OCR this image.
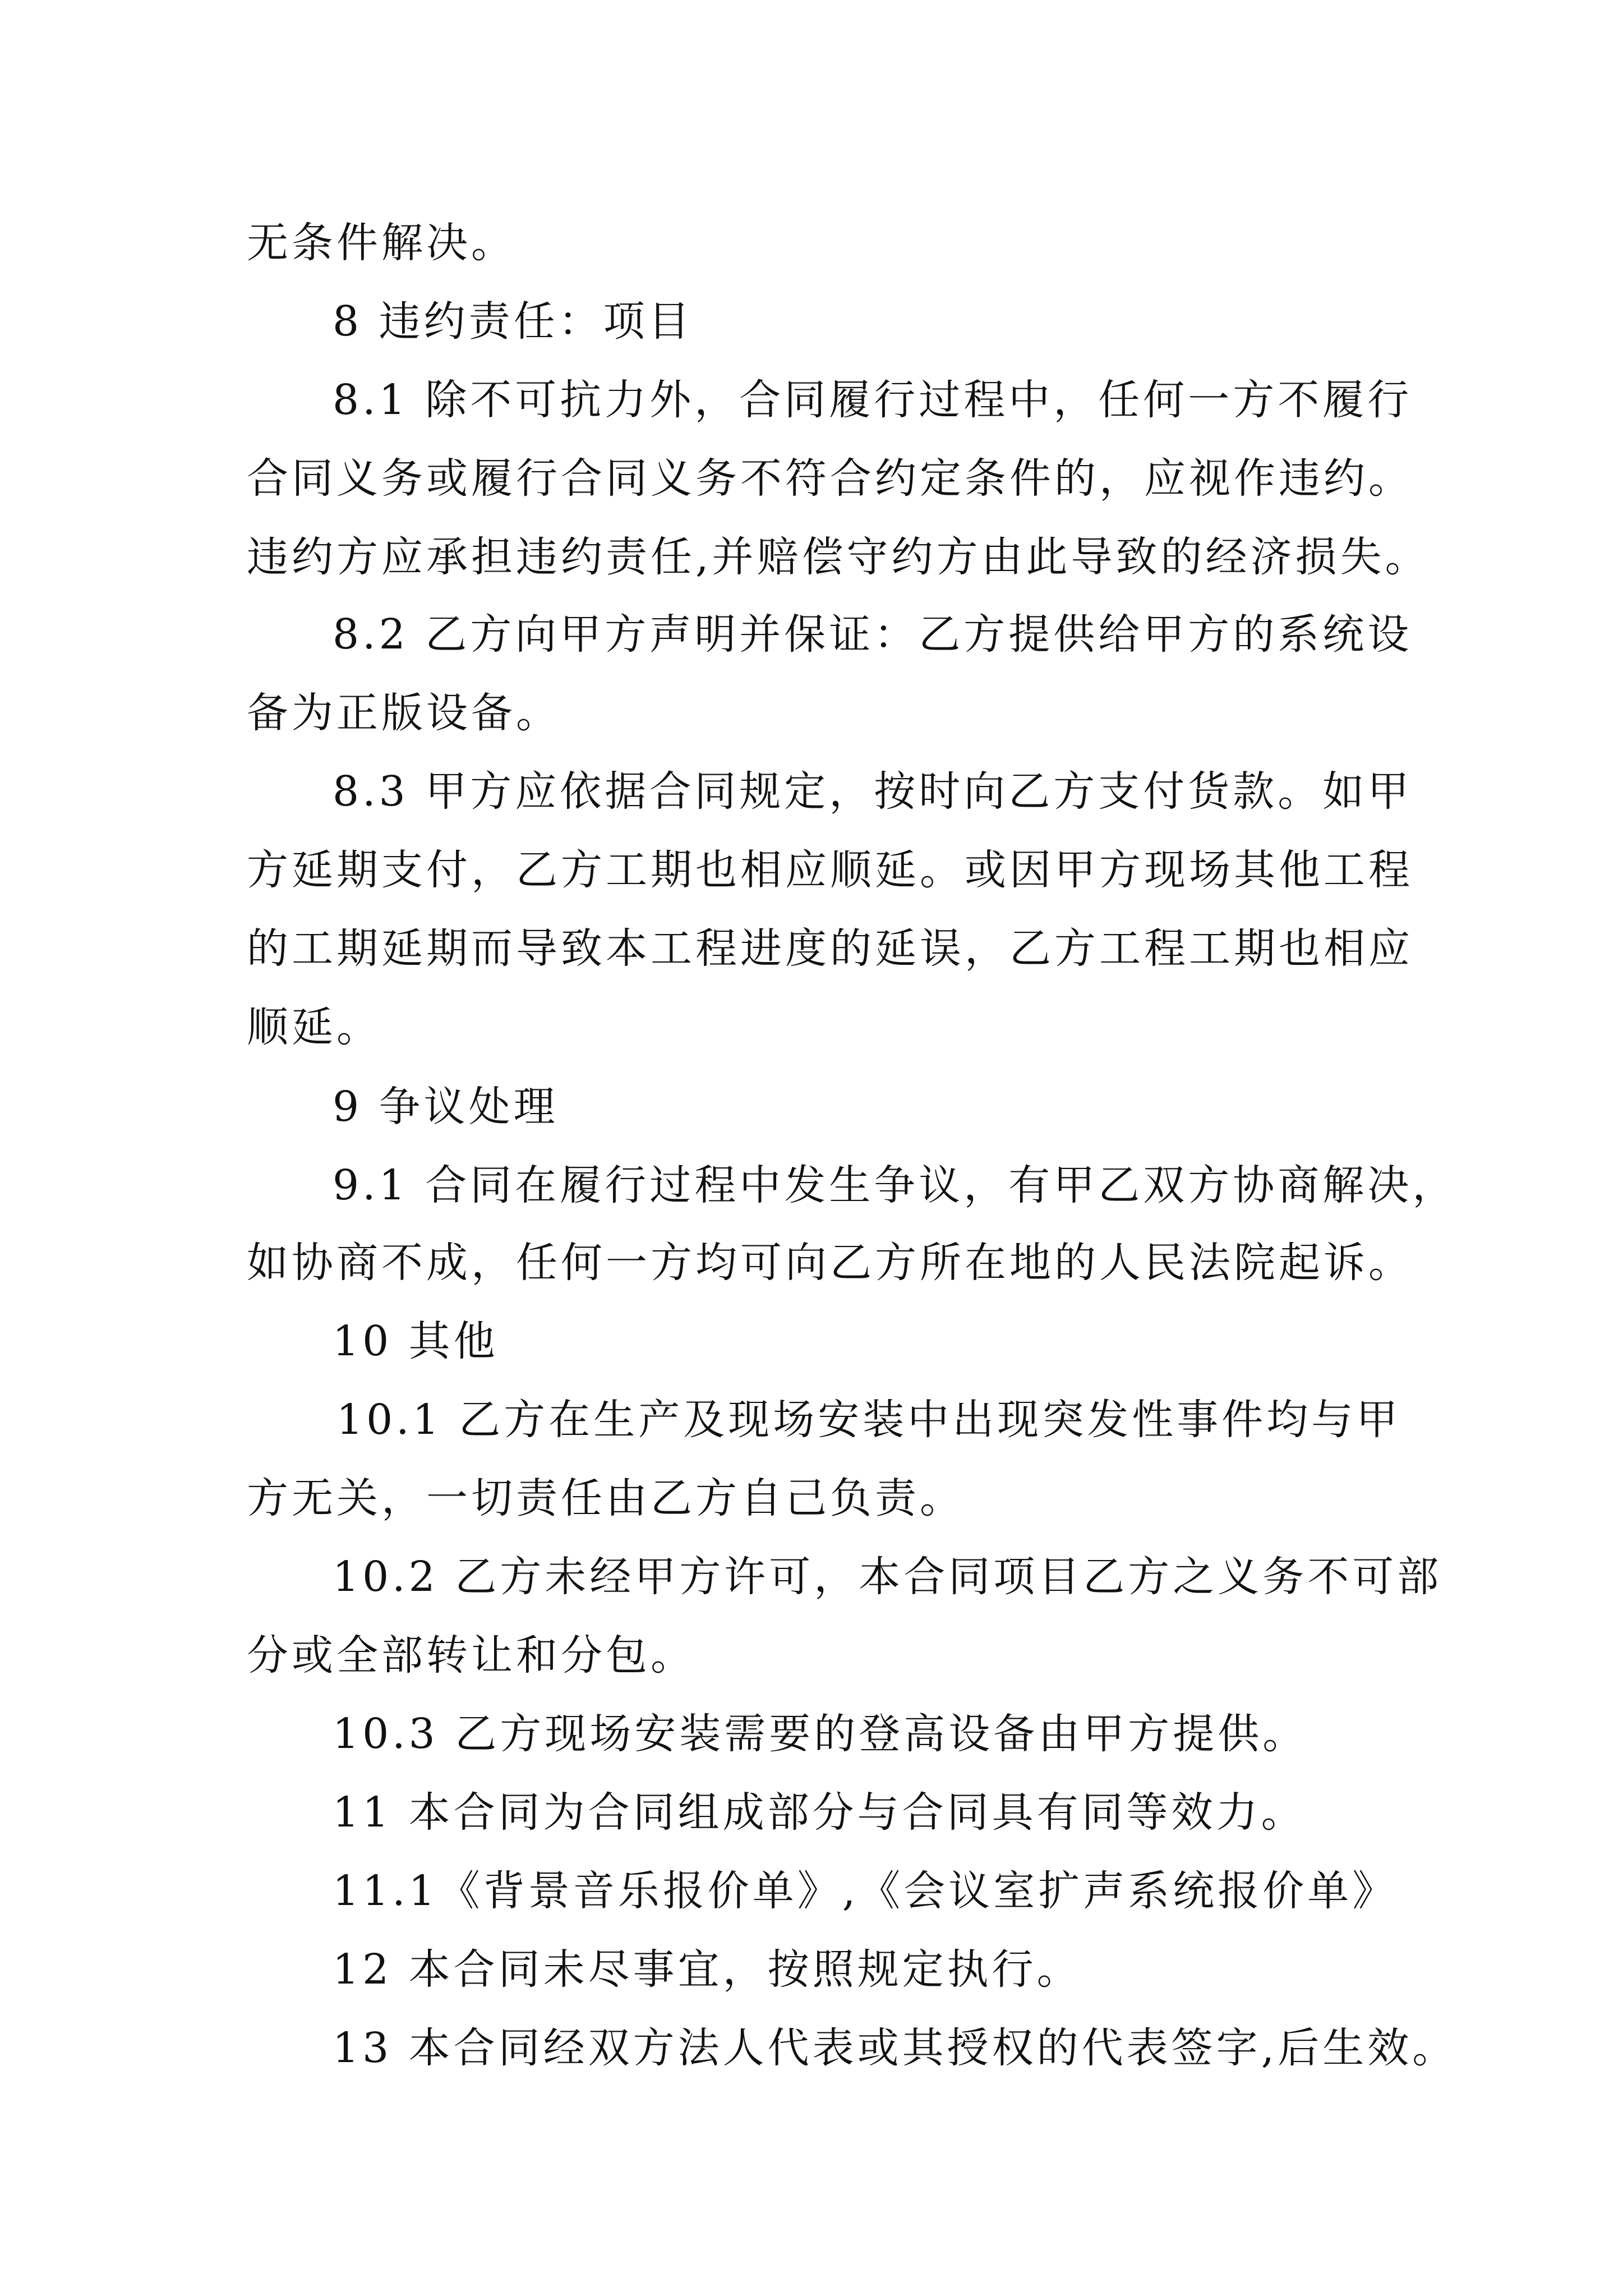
无条件解决。
8 违约责任：项目
8.1 除不可抗力外，合同履行过程中，任何一方不履行
合同义务或履行合同义务不符合约定条件的，应视作违约。
违约方应承担违约责任,并赔偿守约方由此导致的经济损失。
8.2 乙方向甲方声明并保证：乙方提供给甲方的系统设
备为正版设备。
8.3 甲方应依据合同规定，按时向乙方支付货款。如甲
方延期支付，乙方工期也相应顺延。或因甲方现场其他工程
的工期延期而导致本工程进度的延误，乙方工程工期也相应
顺延。
9 争议处理
9.1 合同在履行过程中发生争议，有甲乙双方协商解决，
如协商不成，任何一方均可向乙方所在地的人民法院起诉。
10 其他
10.1 乙方在生产及现场安装中出现突发性事件均与甲
方无关，一切责任由乙方自己负责。
10.2 乙方未经甲方许可，本合同项目乙方之义务不可部
分或全部转让和分包。
10.3 乙方现场安装需要的登高设备由甲方提供。
11 本合同为合同组成部分与合同具有同等效力。
11.1《背景音乐报价单》,《会议室扩声系统报价单》
12 本合同未尽事宜，按照规定执行。
13 本合同经双方法人代表或其授权的代表签字,后生效。
